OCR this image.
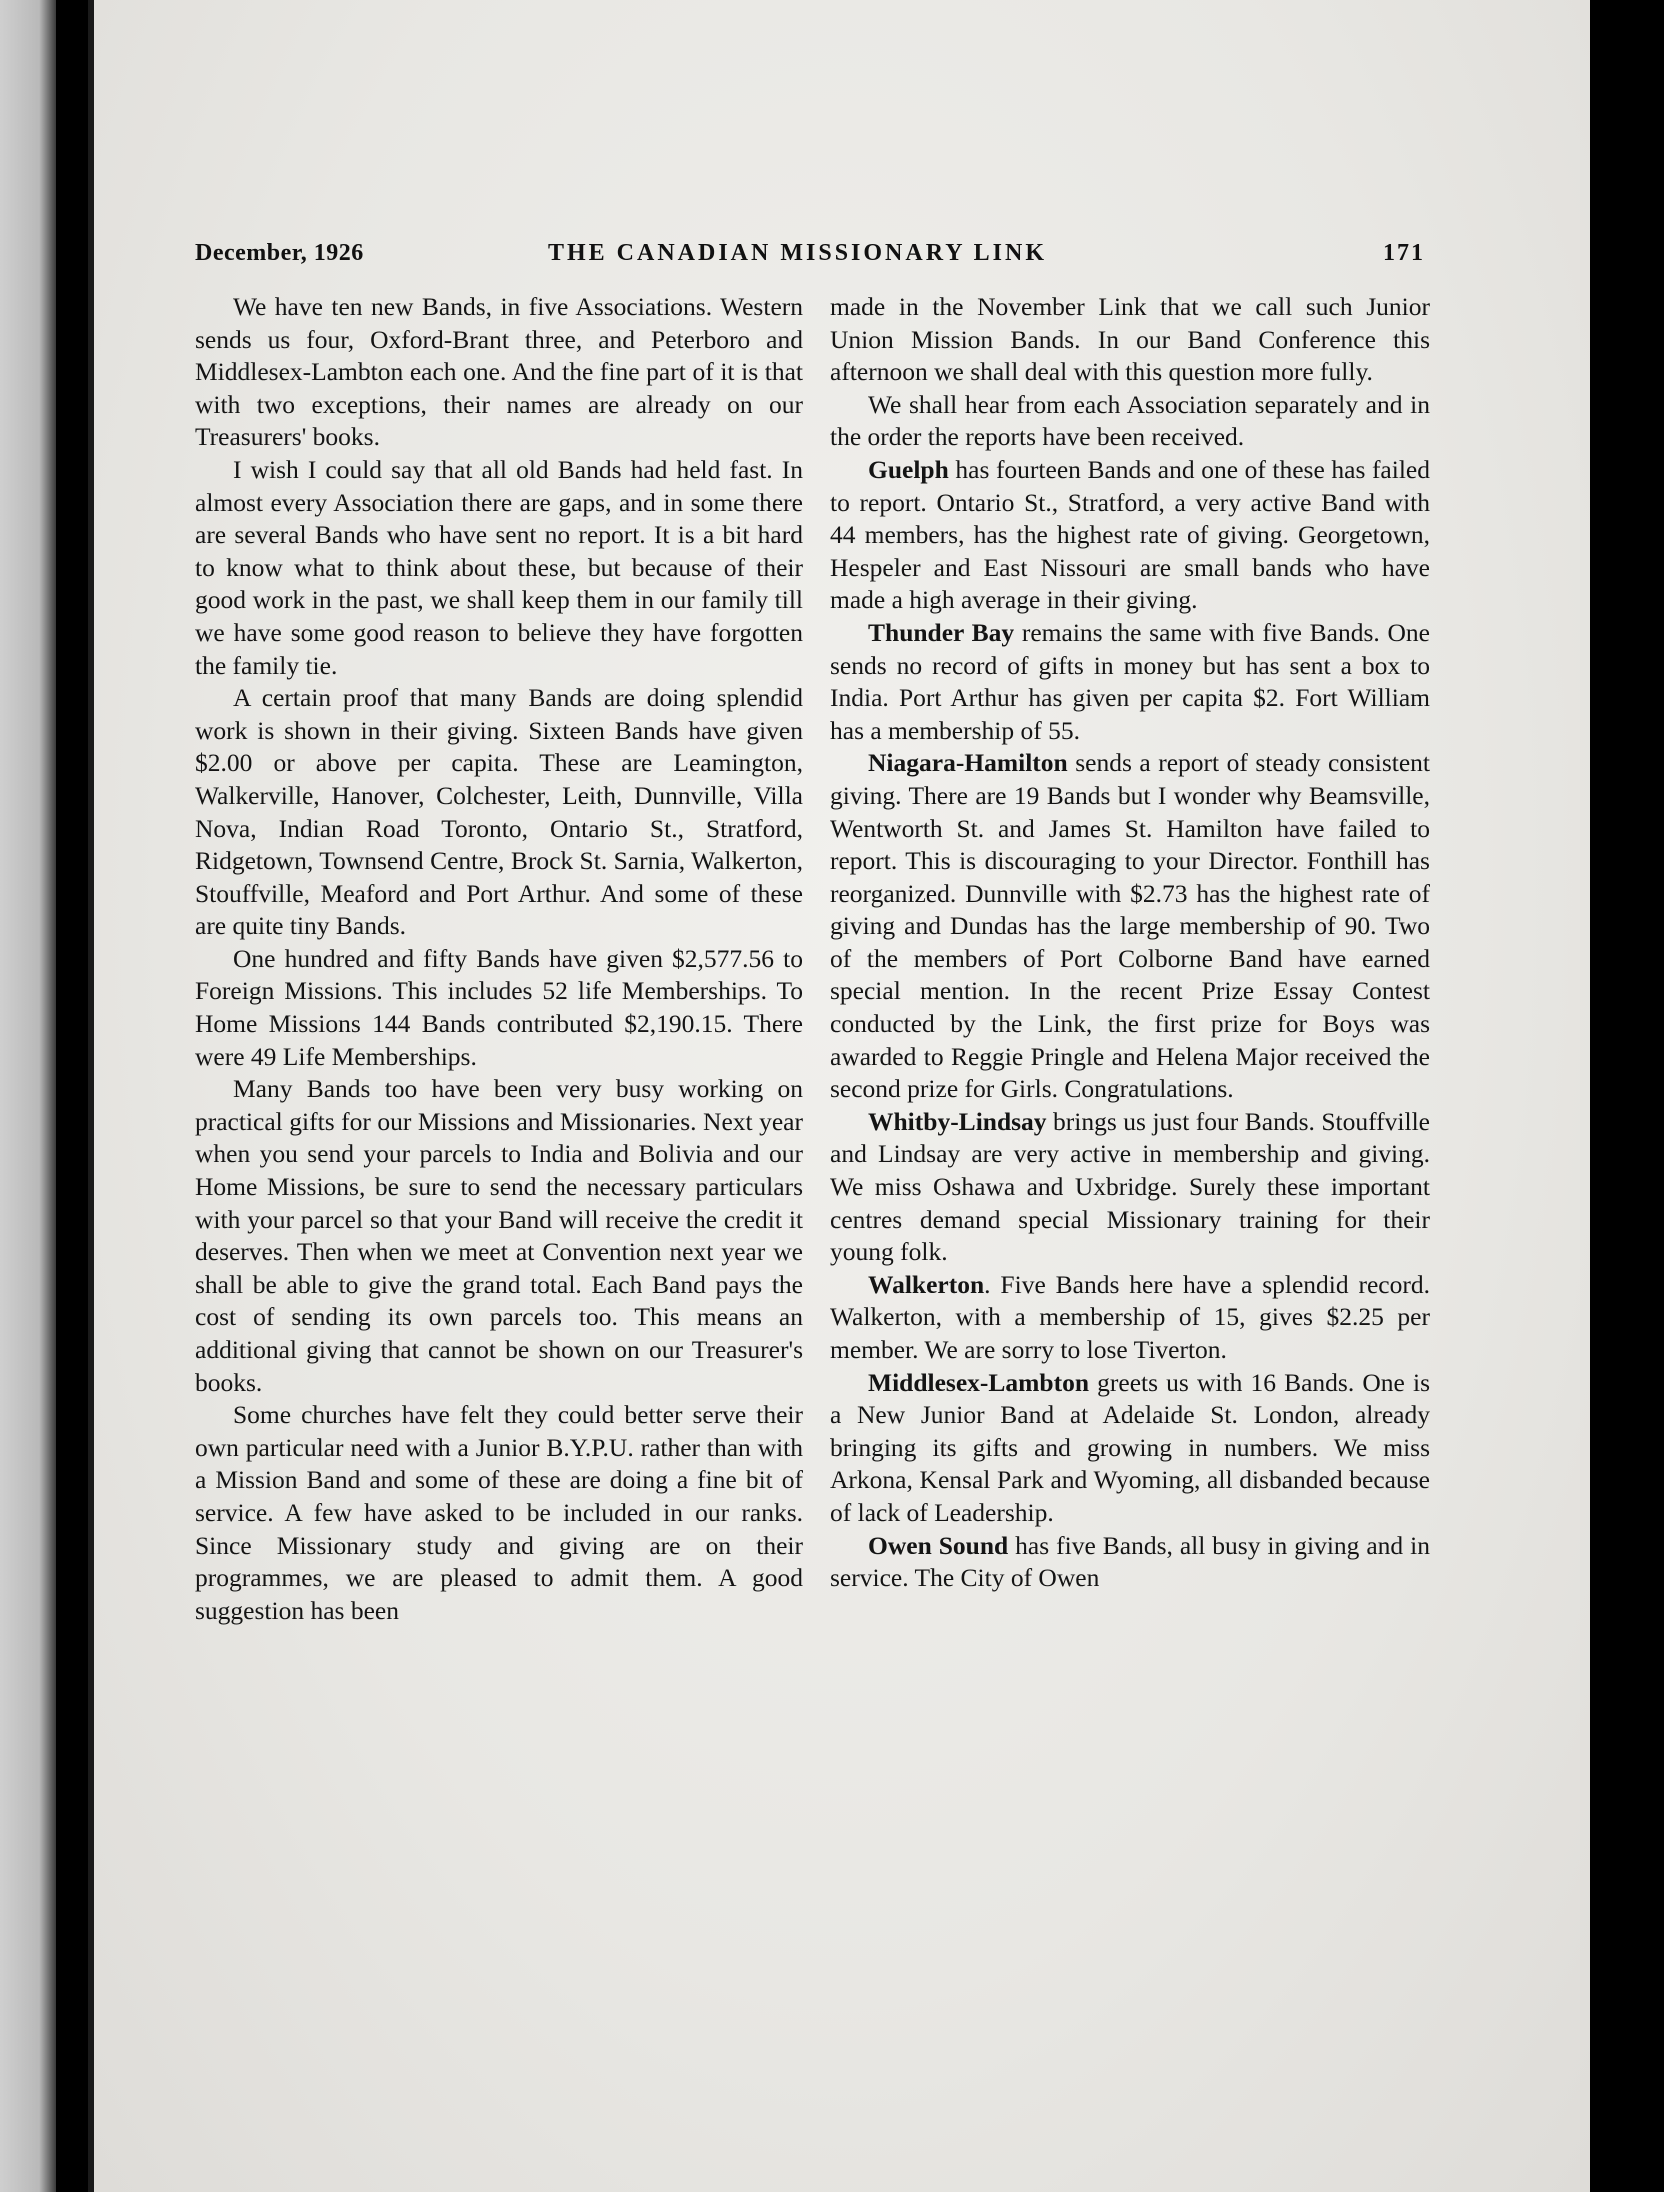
December, 1926	THE CANADIAN MISSIONARY LINK	171

We have ten new Bands, in five Associations. Western sends us four, Oxford-Brant three, and Peterboro and Middlesex-Lambton each one. And the fine part of it is that with two exceptions, their names are already on our Treasurers' books.

I wish I could say that all old Bands had held fast. In almost every Association there are gaps, and in some there are several Bands who have sent no report. It is a bit hard to know what to think about these, but because of their good work in the past, we shall keep them in our family till we have some good reason to believe they have forgotten the family tie.

A certain proof that many Bands are doing splendid work is shown in their giving. Sixteen Bands have given $2.00 or above per capita. These are Leamington, Walkerville, Hanover, Colchester, Leith, Dunnville, Villa Nova, Indian Road Toronto, Ontario St., Stratford, Ridgetown, Townsend Centre, Brock St. Sarnia, Walkerton, Stouffville, Meaford and Port Arthur. And some of these are quite tiny Bands.

One hundred and fifty Bands have given $2,577.56 to Foreign Missions. This includes 52 life Memberships. To Home Missions 144 Bands contributed $2,190.15. There were 49 Life Memberships.

Many Bands too have been very busy working on practical gifts for our Missions and Missionaries. Next year when you send your parcels to India and Bolivia and our Home Missions, be sure to send the necessary particulars with your parcel so that your Band will receive the credit it deserves. Then when we meet at Convention next year we shall be able to give the grand total. Each Band pays the cost of sending its own parcels too. This means an additional giving that cannot be shown on our Treasurer's books.

Some churches have felt they could better serve their own particular need with a Junior B.Y.P.U. rather than with a Mission Band and some of these are doing a fine bit of service. A few have asked to be included in our ranks. Since Missionary study and giving are on their programmes, we are pleased to admit them. A good suggestion has been

made in the November Link that we call such Junior Union Mission Bands. In our Band Conference this afternoon we shall deal with this question more fully.

We shall hear from each Association separately and in the order the reports have been received.

Guelph has fourteen Bands and one of these has failed to report. Ontario St., Stratford, a very active Band with 44 members, has the highest rate of giving. Georgetown, Hespeler and East Nissouri are small bands who have made a high average in their giving.

Thunder Bay remains the same with five Bands. One sends no record of gifts in money but has sent a box to India. Port Arthur has given per capita $2. Fort William has a membership of 55.

Niagara-Hamilton sends a report of steady consistent giving. There are 19 Bands but I wonder why Beamsville, Wentworth St. and James St. Hamilton have failed to report. This is discouraging to your Director. Fonthill has reorganized. Dunnville with $2.73 has the highest rate of giving and Dundas has the large membership of 90. Two of the members of Port Colborne Band have earned special mention. In the recent Prize Essay Contest conducted by the Link, the first prize for Boys was awarded to Reggie Pringle and Helena Major received the second prize for Girls. Congratulations.

Whitby-Lindsay brings us just four Bands. Stouffville and Lindsay are very active in membership and giving. We miss Oshawa and Uxbridge. Surely these important centres demand special Missionary training for their young folk.

Walkerton. Five Bands here have a splendid record. Walkerton, with a membership of 15, gives $2.25 per member. We are sorry to lose Tiverton.

Middlesex-Lambton greets us with 16 Bands. One is a New Junior Band at Adelaide St. London, already bringing its gifts and growing in numbers. We miss Arkona, Kensal Park and Wyoming, all disbanded because of lack of Leadership.

Owen Sound has five Bands, all busy in giving and in service. The City of Owen
